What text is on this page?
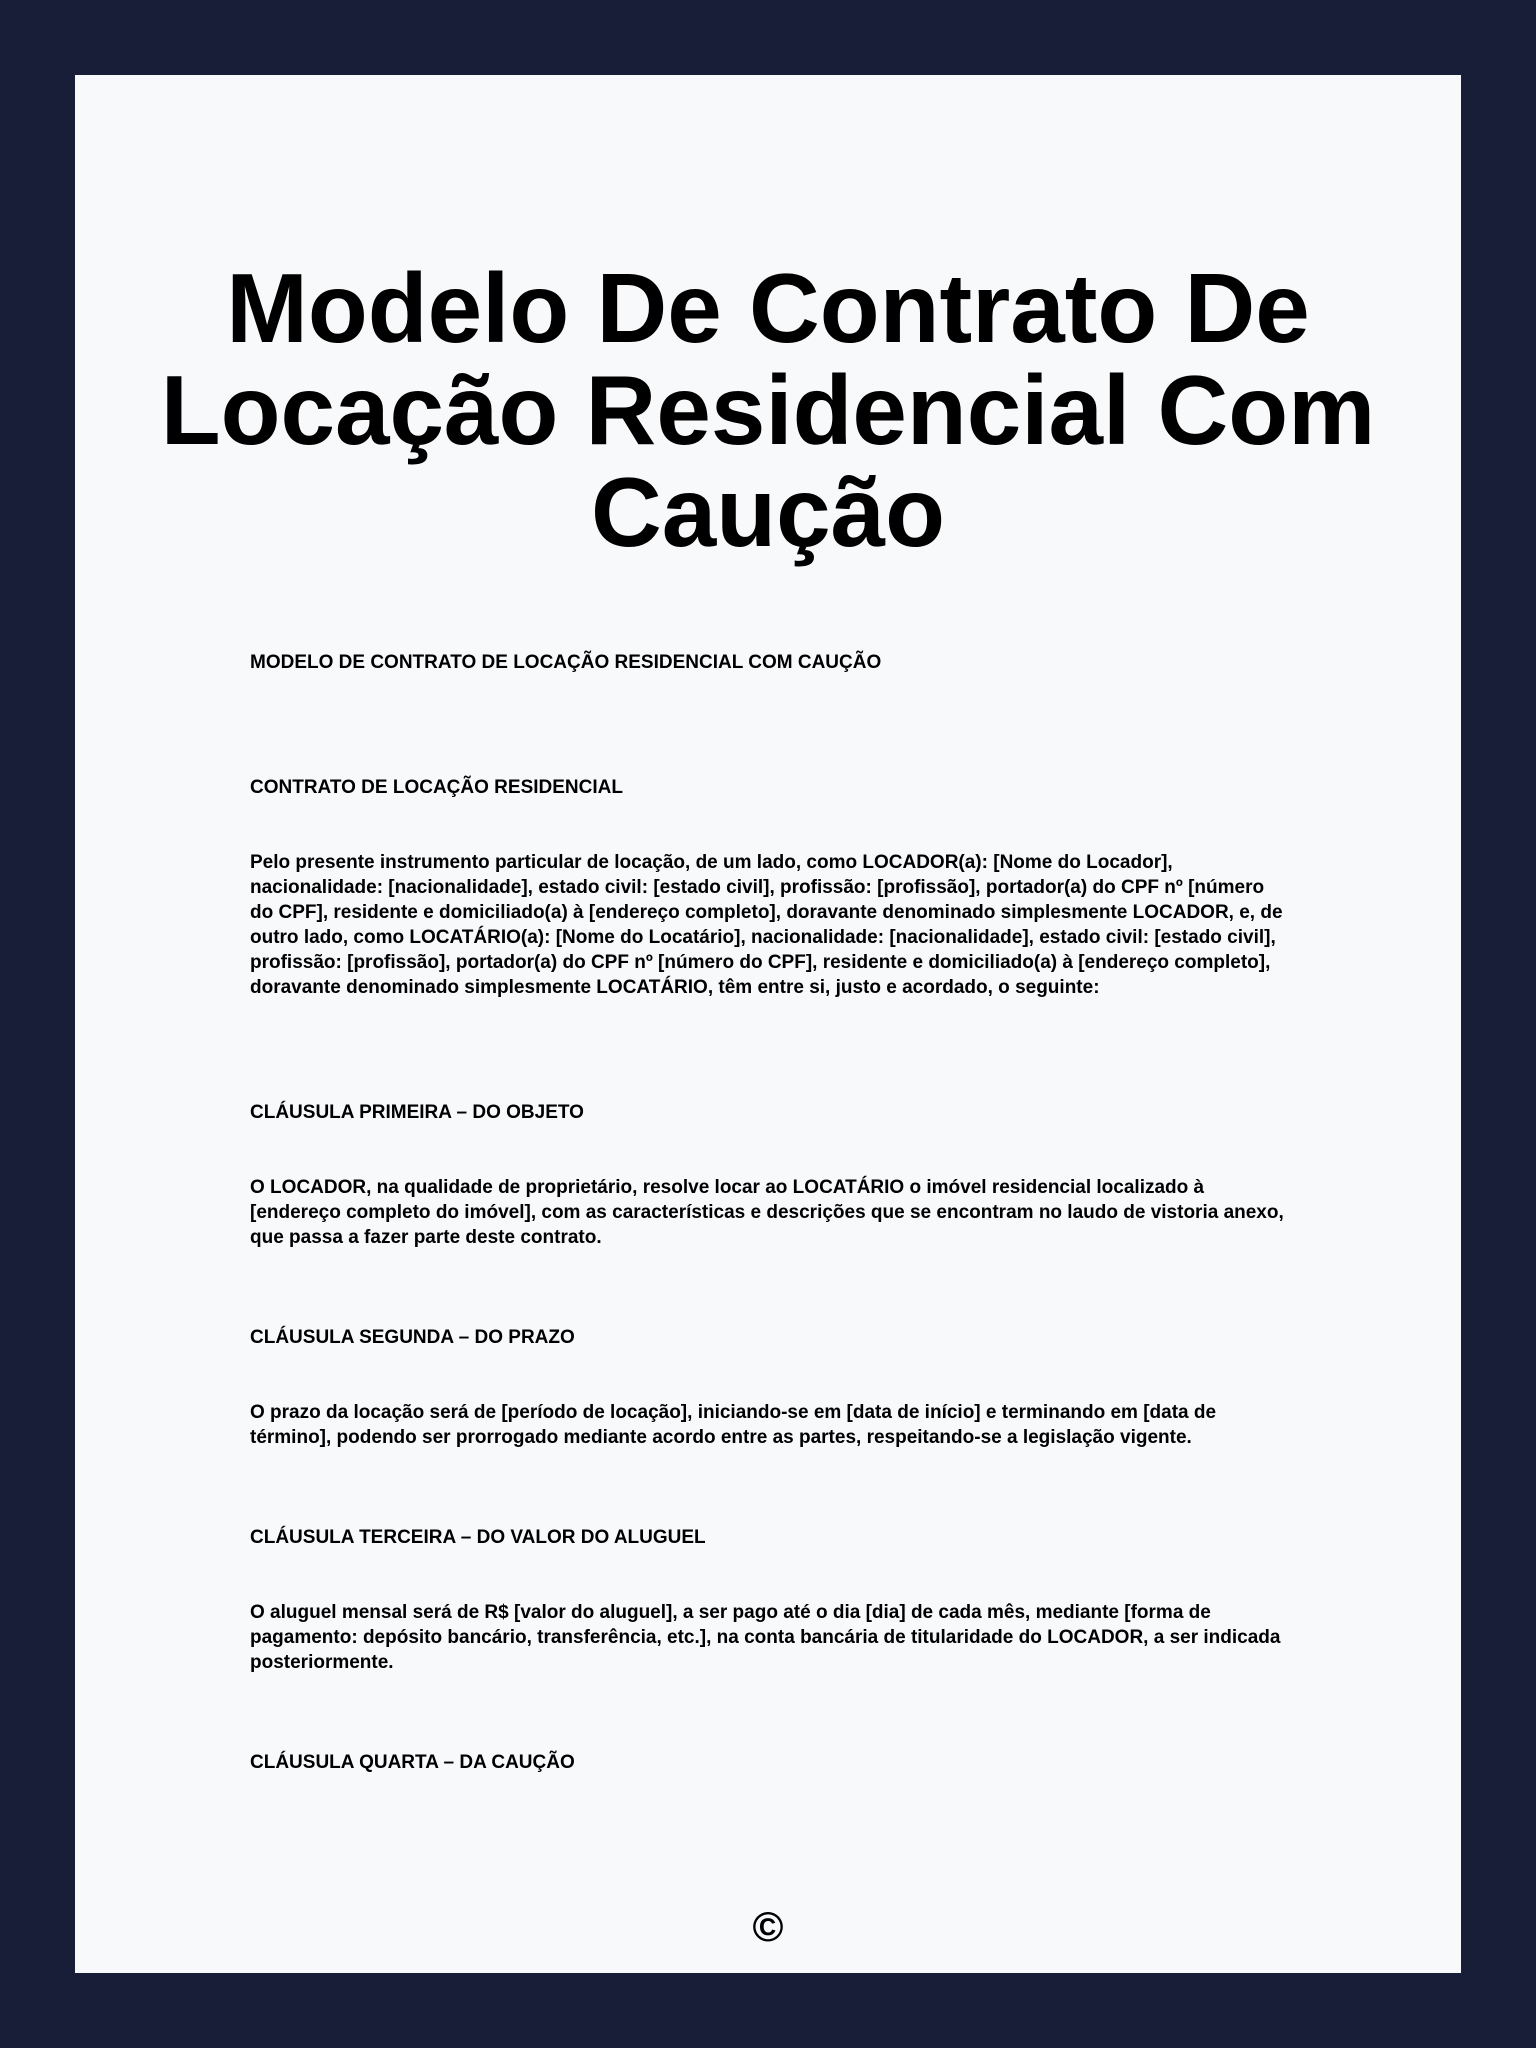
Modelo De Contrato De Locação Residencial Com Caução

MODELO DE CONTRATO DE LOCAÇÃO RESIDENCIAL COM CAUÇÃO

CONTRATO DE LOCAÇÃO RESIDENCIAL

Pelo presente instrumento particular de locação, de um lado, como LOCADOR(a): [Nome do Locador], nacionalidade: [nacionalidade], estado civil: [estado civil], profissão: [profissão], portador(a) do CPF nº [número do CPF], residente e domiciliado(a) à [endereço completo], doravante denominado simplesmente LOCADOR, e, de outro lado, como LOCATÁRIO(a): [Nome do Locatário], nacionalidade: [nacionalidade], estado civil: [estado civil], profissão: [profissão], portador(a) do CPF nº [número do CPF], residente e domiciliado(a) à [endereço completo], doravante denominado simplesmente LOCATÁRIO, têm entre si, justo e acordado, o seguinte:

CLÁUSULA PRIMEIRA – DO OBJETO

O LOCADOR, na qualidade de proprietário, resolve locar ao LOCATÁRIO o imóvel residencial localizado à [endereço completo do imóvel], com as características e descrições que se encontram no laudo de vistoria anexo, que passa a fazer parte deste contrato.

CLÁUSULA SEGUNDA – DO PRAZO

O prazo da locação será de [período de locação], iniciando-se em [data de início] e terminando em [data de término], podendo ser prorrogado mediante acordo entre as partes, respeitando-se a legislação vigente.

CLÁUSULA TERCEIRA – DO VALOR DO ALUGUEL

O aluguel mensal será de R$ [valor do aluguel], a ser pago até o dia [dia] de cada mês, mediante [forma de pagamento: depósito bancário, transferência, etc.], na conta bancária de titularidade do LOCADOR, a ser indicada posteriormente.

CLÁUSULA QUARTA – DA CAUÇÃO

©
